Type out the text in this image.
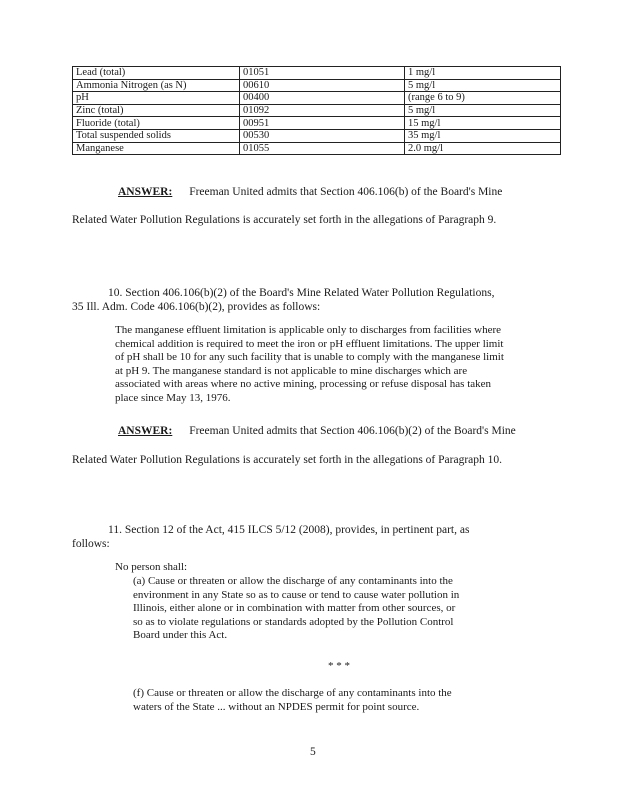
Lead (total)	01051	1 mg/l
Ammonia Nitrogen (as N)	00610	5 mg/l
pH	00400	(range 6 to 9)
Zinc (total)	01092	5 mg/l
Fluoride (total)	00951	15 mg/l
Total suspended solids	00530	35 mg/l
Manganese	01055	2.0 mg/l
ANSWER: Freeman United admits that Section 406.106(b) of the Board's Mine
Related Water Pollution Regulations is accurately set forth in the allegations of Paragraph 9.
10. Section 406.106(b)(2) of the Board's Mine Related Water Pollution Regulations,
35 Ill. Adm. Code 406.106(b)(2), provides as follows:
The manganese effluent limitation is applicable only to discharges from facilities where
chemical addition is required to meet the iron or pH effluent limitations. The upper limit
of pH shall be 10 for any such facility that is unable to comply with the manganese limit
at pH 9. The manganese standard is not applicable to mine discharges which are
associated with areas where no active mining, processing or refuse disposal has taken
place since May 13, 1976.
ANSWER: Freeman United admits that Section 406.106(b)(2) of the Board's Mine
Related Water Pollution Regulations is accurately set forth in the allegations of Paragraph 10.
11. Section 12 of the Act, 415 ILCS 5/12 (2008), provides, in pertinent part, as
follows:
No person shall:
(a) Cause or threaten or allow the discharge of any contaminants into the
environment in any State so as to cause or tend to cause water pollution in
Illinois, either alone or in combination with matter from other sources, or
so as to violate regulations or standards adopted by the Pollution Control
Board under this Act.
* * *
(f) Cause or threaten or allow the discharge of any contaminants into the
waters of the State ... without an NPDES permit for point source.
5
